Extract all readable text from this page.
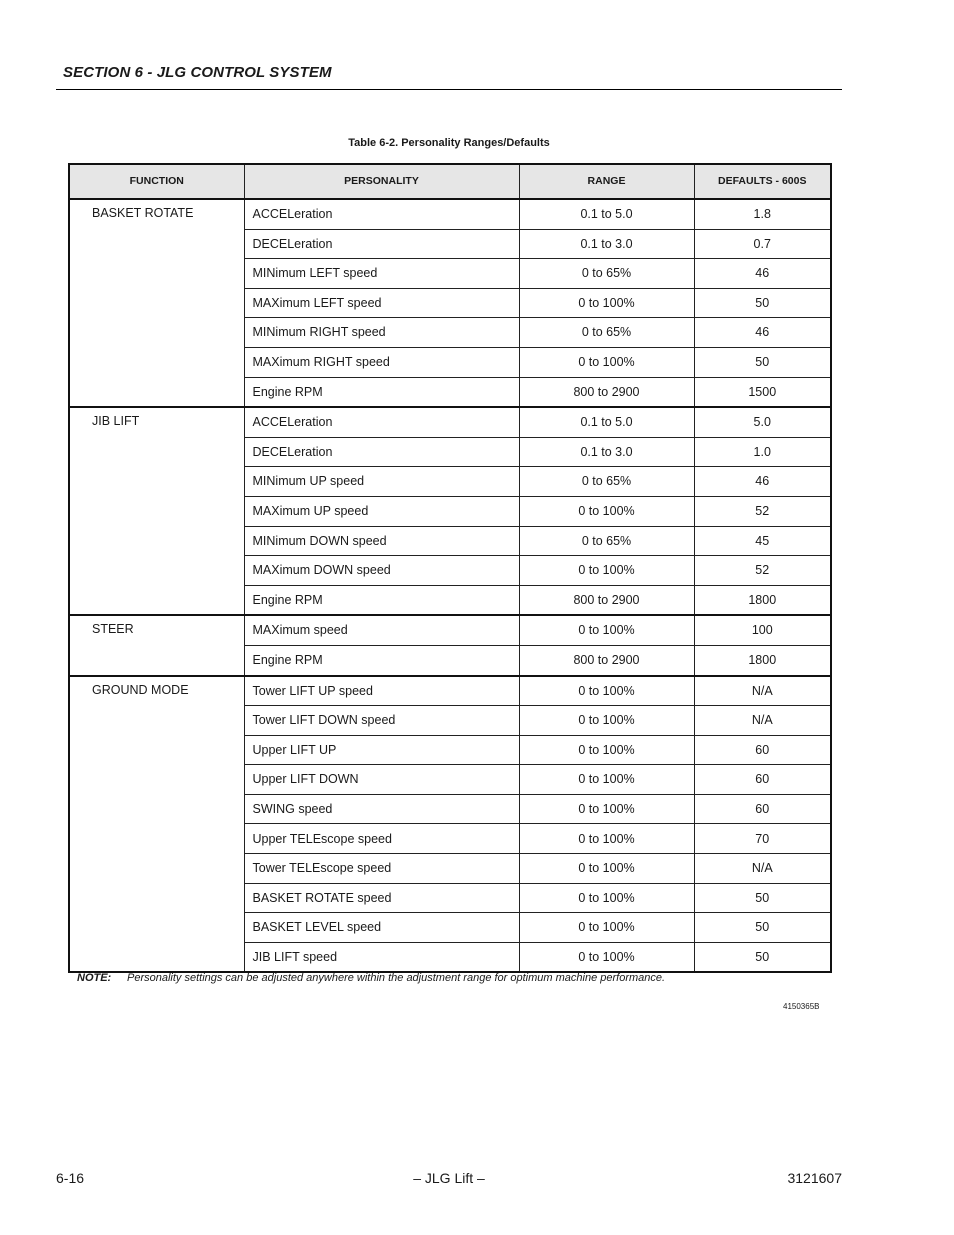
SECTION 6 - JLG CONTROL SYSTEM
Table 6-2. Personality Ranges/Defaults
FUNCTION	PERSONALITY	RANGE	DEFAULTS - 600S
BASKET ROTATE	ACCELeration	0.1 to 5.0	1.8
	DECELeration	0.1 to 3.0	0.7
	MINimum LEFT speed	0 to 65%	46
	MAXimum LEFT speed	0 to 100%	50
	MINimum RIGHT speed	0 to 65%	46
	MAXimum RIGHT speed	0 to 100%	50
	Engine RPM	800 to 2900	1500
JIB LIFT	ACCELeration	0.1 to 5.0	5.0
	DECELeration	0.1 to 3.0	1.0
	MINimum UP speed	0 to 65%	46
	MAXimum UP speed	0 to 100%	52
	MINimum DOWN speed	0 to 65%	45
	MAXimum DOWN speed	0 to 100%	52
	Engine RPM	800 to 2900	1800
STEER	MAXimum speed	0 to 100%	100
	Engine RPM	800 to 2900	1800
GROUND MODE	Tower LIFT UP speed	0 to 100%	N/A
	Tower LIFT DOWN speed	0 to 100%	N/A
	Upper LIFT UP	0 to 100%	60
	Upper LIFT DOWN	0 to 100%	60
	SWING speed	0 to 100%	60
	Upper TELEscope speed	0 to 100%	70
	Tower TELEscope speed	0 to 100%	N/A
	BASKET ROTATE speed	0 to 100%	50
	BASKET LEVEL speed	0 to 100%	50
	JIB LIFT speed	0 to 100%	50
NOTE:	Personality settings can be adjusted anywhere within the adjustment range for optimum machine performance.
4150365B
6-16	– JLG Lift –	3121607
